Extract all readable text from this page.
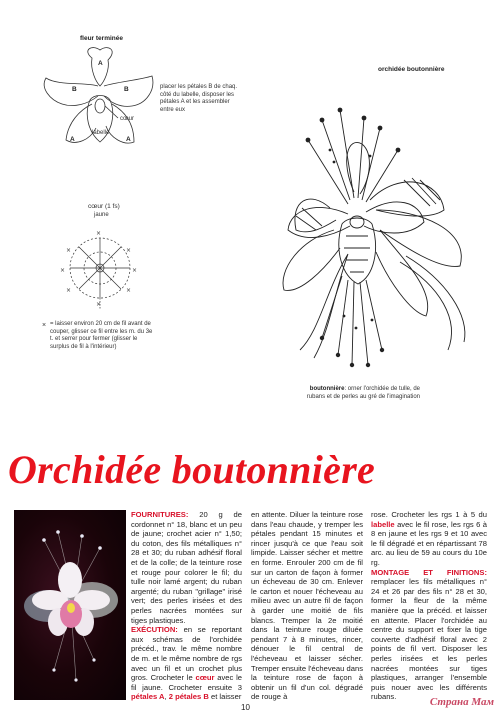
fleur terminée
A
B	B
A	A
cœur
labelle
placer les pétales B de chaq. côté du labelle, disposer les pétales A et les assembler entre eux
cœur (1 fs)
jaune
×
×
×
×
×
×
×
×
× = laisser environ 20 cm de fil avant de couper, glisser ce fil entre les m. du 3e t. et serrer pour fermer (glisser le surplus de fil à l'intérieur)
orchidée boutonnière
boutonnière: orner l'orchidée de tulle, de rubans et de perles au gré de l'imagination
Orchidée boutonnière

FOURNITURES: 20 g de cordonnet n° 18, blanc et un peu de jaune; crochet acier n° 1,50; du coton, des fils métalliques n° 28 et 30; du ruban adhésif floral et de la colle; de la teinture rose et rouge pour colorer le fil; du tulle noir lamé argent; du ruban argenté; du ruban "grillage" irisé vert; des perles irisées et des perles nacrées montées sur tiges plastiques.

EXÉCUTION: en se reportant aux schémas de l'orchidée précéd., trav. le même nombre de m. et le même nombre de rgs avec un fil et un crochet plus gros. Crocheter le cœur avec le fil jaune. Crocheter ensuite 3 pétales A, 2 pétales B et laisser

en attente. Diluer la teinture rose dans l'eau chaude, y tremper les pétales pendant 15 minutes et rincer jusqu'à ce que l'eau soit limpide. Laisser sécher et mettre en forme. Enrouler 200 cm de fil sur un carton de façon à former un écheveau de 30 cm. Enlever le carton et nouer l'écheveau au milieu avec un autre fil de façon à garder une moitié de fils blancs. Tremper la 2e moitié dans la teinture rouge diluée pendant 7 à 8 minutes, rincer, dénouer le fil central de l'écheveau et laisser sécher. Tremper ensuite l'écheveau dans la teinture rose de façon à obtenir un fil d'un col. dégradé de rouge à

rose. Crocheter les rgs 1 à 5 du labelle avec le fil rose, les rgs 6 à 8 en jaune et les rgs 9 et 10 avec le fil dégradé et en répartissant 78 arc. au lieu de 59 au cours du 10e rg.

MONTAGE ET FINITIONS: remplacer les fils métalliques n° 24 et 26 par des fils n° 28 et 30, former la fleur de la même manière que la précéd. et laisser en attente. Placer l'orchidée au centre du support et fixer la tige couverte d'adhésif floral avec 2 points de fil vert. Disposer les perles irisées et les perles nacrées montées sur tiges plastiques, arranger l'ensemble puis nouer avec les différents rubans.

10	Страна Мам
